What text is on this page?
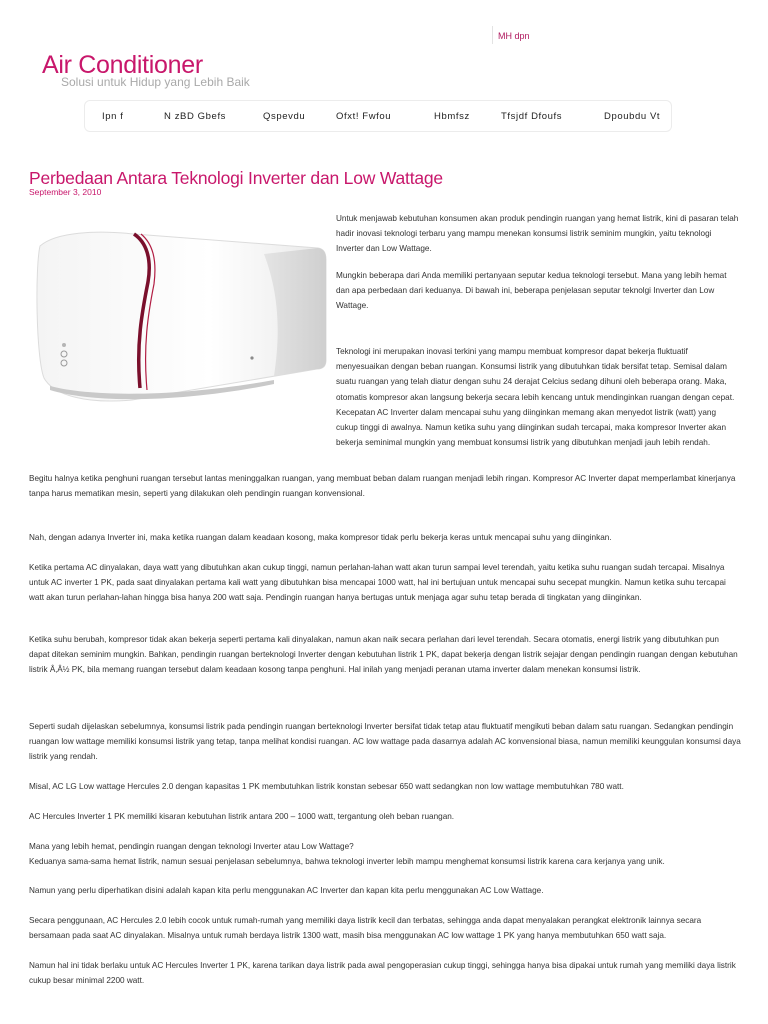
MH dpn
Air Conditioner
Solusi untuk Hidup yang Lebih Baik
Ipn f	N zBD Gbefs	Qspevdu	Ofxt! Fwfou	Hbmfsz	Tfsjdf Dfoufs	Dpoubdu Vt
Perbedaan Antara Teknologi Inverter dan Low Wattage
September 3, 2010

Untuk menjawab kebutuhan konsumen akan produk pendingin ruangan yang hemat listrik, kini di pasaran telah hadir inovasi teknologi terbaru yang mampu menekan konsumsi listrik seminim mungkin, yaitu teknologi Inverter dan Low Wattage.

Mungkin beberapa dari Anda memiliki pertanyaan seputar kedua teknologi tersebut. Mana yang lebih hemat dan apa perbedaan dari keduanya. Di bawah ini, beberapa penjelasan seputar teknolgi Inverter dan Low Wattage.

Teknologi ini merupakan inovasi terkini yang mampu membuat kompresor dapat bekerja fluktuatif menyesuaikan dengan beban ruangan. Konsumsi listrik yang dibutuhkan tidak bersifat tetap. Semisal dalam suatu ruangan yang telah diatur dengan suhu 24 derajat Celcius sedang dihuni oleh beberapa orang. Maka, otomatis kompresor akan langsung bekerja secara lebih kencang untuk mendinginkan ruangan dengan cepat. Kecepatan AC Inverter dalam mencapai suhu yang diinginkan memang akan menyedot listrik (watt) yang cukup tinggi di awalnya. Namun ketika suhu yang diinginkan sudah tercapai, maka kompresor Inverter akan bekerja seminimal mungkin yang membuat konsumsi listrik yang dibutuhkan menjadi jauh lebih rendah.

Begitu halnya ketika penghuni ruangan tersebut lantas meninggalkan ruangan, yang membuat beban dalam ruangan menjadi lebih ringan. Kompresor AC Inverter dapat memperlambat kinerjanya tanpa harus mematikan mesin, seperti yang dilakukan oleh pendingin ruangan konvensional.

Nah, dengan adanya Inverter ini, maka ketika ruangan dalam keadaan kosong, maka kompresor tidak perlu bekerja keras untuk mencapai suhu yang diinginkan.

Ketika pertama AC dinyalakan, daya watt yang dibutuhkan akan cukup tinggi, namun perlahan-lahan watt akan turun sampai level terendah, yaitu ketika suhu ruangan sudah tercapai. Misalnya untuk AC inverter 1 PK, pada saat dinyalakan pertama kali watt yang dibutuhkan bisa mencapai 1000 watt, hal ini bertujuan untuk mencapai suhu secepat mungkin. Namun ketika suhu tercapai watt akan turun perlahan-lahan hingga bisa hanya 200 watt saja. Pendingin ruangan hanya bertugas untuk menjaga agar suhu tetap berada di tingkatan yang diinginkan.

Ketika suhu berubah, kompresor tidak akan bekerja seperti pertama kali dinyalakan, namun akan naik secara perlahan dari level terendah. Secara otomatis, energi listrik yang dibutuhkan pun dapat ditekan seminim mungkin. Bahkan, pendingin ruangan berteknologi Inverter dengan kebutuhan listrik 1 PK, dapat bekerja dengan listrik sejajar dengan pendingin ruangan dengan kebutuhan listrik Â‚Â½ PK, bila memang ruangan tersebut dalam keadaan kosong tanpa penghuni. Hal inilah yang menjadi peranan utama inverter dalam menekan konsumsi listrik.

Seperti sudah dijelaskan sebelumnya, konsumsi listrik pada pendingin ruangan berteknologi Inverter bersifat tidak tetap atau fluktuatif mengikuti beban dalam satu ruangan. Sedangkan pendingin ruangan low wattage memiliki konsumsi listrik yang tetap, tanpa melihat kondisi ruangan. AC low wattage pada dasarnya adalah AC konvensional biasa, namun memiliki keunggulan konsumsi daya listrik yang rendah.

Misal, AC LG Low wattage Hercules 2.0 dengan kapasitas 1 PK membutuhkan listrik konstan sebesar 650 watt sedangkan non low wattage membutuhkan 780 watt.

AC Hercules Inverter 1 PK memiliki kisaran kebutuhan listrik antara 200 – 1000 watt, tergantung oleh beban ruangan.

Mana yang lebih hemat, pendingin ruangan dengan teknologi Inverter atau Low Wattage?
Keduanya sama-sama hemat listrik, namun sesuai penjelasan sebelumnya, bahwa teknologi inverter lebih mampu menghemat konsumsi listrik karena cara kerjanya yang unik.

Namun yang perlu diperhatikan disini adalah kapan kita perlu menggunakan AC Inverter dan kapan kita perlu menggunakan AC Low Wattage.

Secara penggunaan, AC Hercules 2.0 lebih cocok untuk rumah-rumah yang memiliki daya listrik kecil dan terbatas, sehingga anda dapat menyalakan perangkat elektronik lainnya secara bersamaan pada saat AC dinyalakan. Misalnya untuk rumah berdaya listrik 1300 watt, masih bisa menggunakan AC low wattage 1 PK yang hanya membutuhkan 650 watt saja.

Namun hal ini tidak berlaku untuk AC Hercules Inverter 1 PK, karena tarikan daya listrik pada awal pengoperasian cukup tinggi, sehingga hanya bisa dipakai untuk rumah yang memiliki daya listrik cukup besar minimal 2200 watt.
